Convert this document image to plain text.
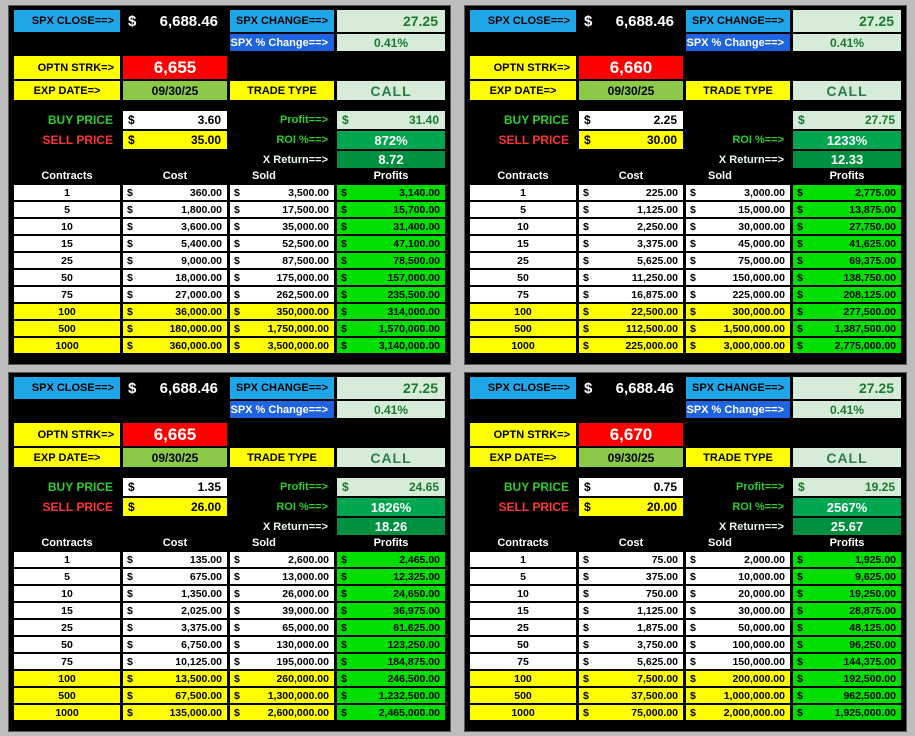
SPX CLOSE==> $ 6,688.46	SPX CHANGE==>	27.25
SPX % Change==>	0.41%
OPTN STRK=>	6,655
EXP DATE=>	09/30/25	TRADE TYPE	CALL
BUY PRICE	$	3.60	Profit==>	$	31.40
SELL PRICE	$	35.00	ROI %==>	872%
X Return==>	8.72
Contracts	Cost	Sold	Profits
1	$	360.00 $	3,500.00 $	3,140.00
5	$	1,800.00 $	17,500.00 $	15,700.00
10	$	3,600.00 $	35,000.00 $	31,400.00
15	$	5,400.00 $	52,500.00 $	47,100.00
25	$	9,000.00 $	87,500.00 $	78,500.00
50	$	18,000.00 $	175,000.00 $	157,000.00
75	$	27,000.00 $	262,500.00 $	235,500.00
100	$	36,000.00 $	350,000.00 $	314,000.00
500	$	180,000.00 $	1,750,000.00 $	1,570,000.00
1000	$	360,000.00 $	3,500,000.00 $	3,140,000.00
SPX CLOSE==> $ 6,688.46	SPX CHANGE==>	27.25
SPX % Change==>	0.41%
OPTN STRK=>	6,660
EXP DATE=>	09/30/25	TRADE TYPE	CALL
BUY PRICE	$	2.25	$	27.75
SELL PRICE	$	30.00	ROI %==>	1233%
X Return==>	12.33
Contracts	Cost	Sold	Profits
1	$	225.00 $	3,000.00 $	2,775.00
5	$	1,125.00 $	15,000.00 $	13,875.00
10	$	2,250.00 $	30,000.00 $	27,750.00
15	$	3,375.00 $	45,000.00 $	41,625.00
25	$	5,625.00 $	75,000.00 $	69,375.00
50	$	11,250.00 $	150,000.00 $	138,750.00
75	$	16,875.00 $	225,000.00 $	208,125.00
100	$	22,500.00 $	300,000.00 $	277,500.00
500	$	112,500.00 $	1,500,000.00 $	1,387,500.00
1000	$	225,000.00 $	3,000,000.00 $	2,775,000.00
SPX CLOSE==> $ 6,688.46	SPX CHANGE==>	27.25
SPX % Change==>	0.41%
OPTN STRK=>	6,665
EXP DATE=>	09/30/25	TRADE TYPE	CALL
BUY PRICE	$	1.35	Profit==>	$	24.65
SELL PRICE	$	26.00	ROI %==>	1826%
X Return==>	18.26
Contracts	Cost	Sold	Profits
1	$	135.00 $	2,600.00 $	2,465.00
5	$	675.00 $	13,000.00 $	12,325.00
10	$	1,350.00 $	26,000.00 $	24,650.00
15	$	2,025.00 $	39,000.00 $	36,975.00
25	$	3,375.00 $	65,000.00 $	61,625.00
50	$	6,750.00 $	130,000.00 $	123,250.00
75	$	10,125.00 $	195,000.00 $	184,875.00
100	$	13,500.00 $	260,000.00 $	246,500.00
500	$	67,500.00 $	1,300,000.00 $	1,232,500.00
1000	$	135,000.00 $	2,600,000.00 $	2,465,000.00
SPX CLOSE==> $ 6,688.46	SPX CHANGE==>	27.25
SPX % Change==>	0.41%
OPTN STRK=>	6,670
EXP DATE=>	09/30/25	TRADE TYPE	CALL
BUY PRICE	$	0.75	Profit==>	$	19.25
SELL PRICE	$	20.00	ROI %==>	2567%
X Return==>	25.67
Contracts	Cost	Sold	Profits
1	$	75.00 $	2,000.00 $	1,925.00
5	$	375.00 $	10,000.00 $	9,625.00
10	$	750.00 $	20,000.00 $	19,250.00
15	$	1,125.00 $	30,000.00 $	28,875.00
25	$	1,875.00 $	50,000.00 $	48,125.00
50	$	3,750.00 $	100,000.00 $	96,250.00
75	$	5,625.00 $	150,000.00 $	144,375.00
100	$	7,500.00 $	200,000.00 $	192,500.00
500	$	37,500.00 $	1,000,000.00 $	962,500.00
1000	$	75,000.00 $	2,000,000.00 $	1,925,000.00
